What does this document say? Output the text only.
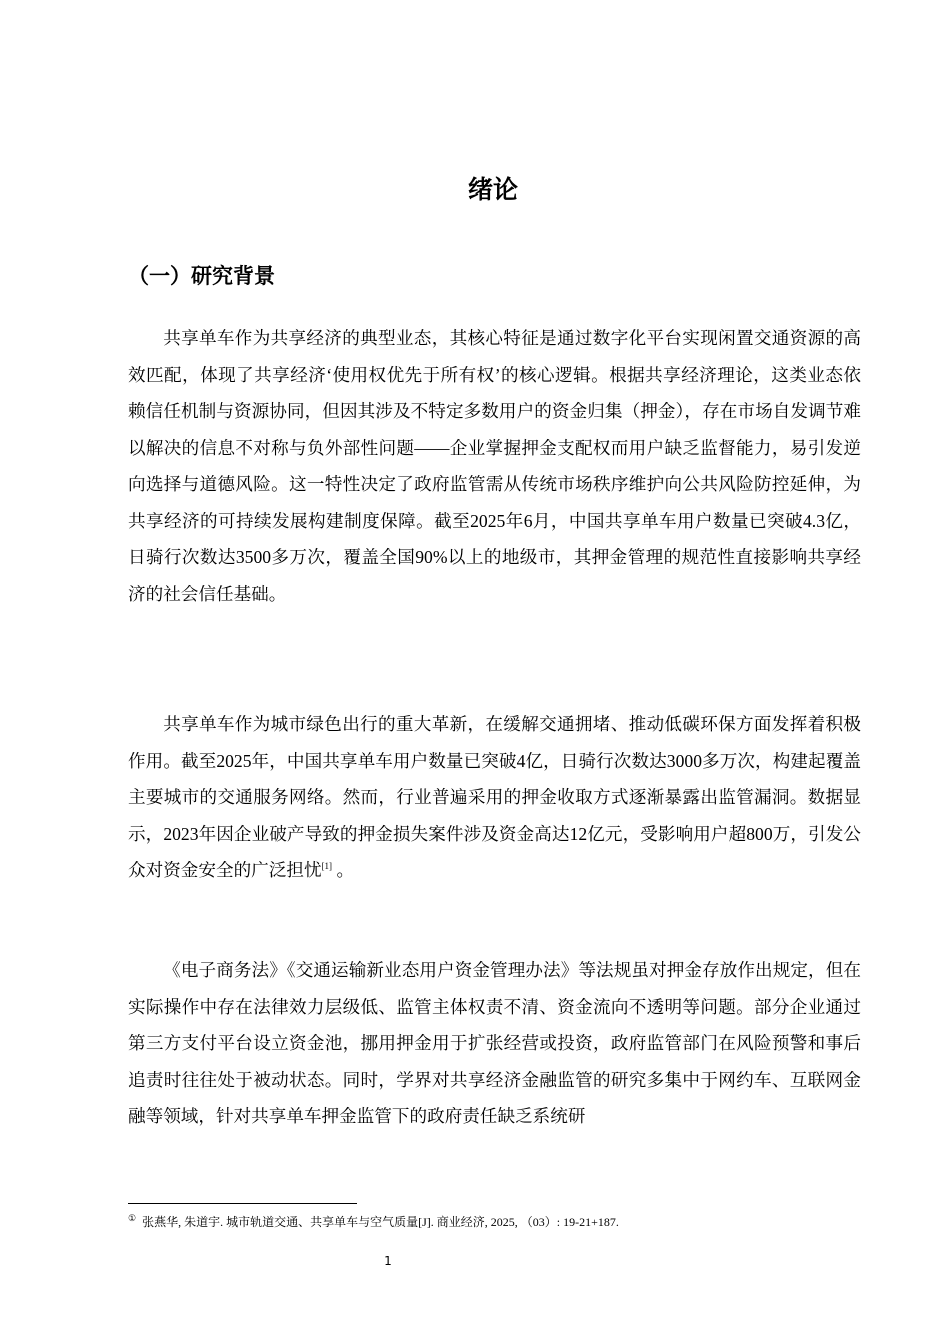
绪论
（一）研究背景

共享单车作为共享经济的典型业态，其核心特征是通过数字化平台实现闲置交通资源的高效匹配，体现了共享经济‘使用权优先于所有权’的核心逻辑。根据共享经济理论，这类业态依赖信任机制与资源协同，但因其涉及不特定多数用户的资金归集（押金），存在市场自发调节难以解决的信息不对称与负外部性问题——企业掌握押金支配权而用户缺乏监督能力，易引发逆向选择与道德风险。这一特性决定了政府监管需从传统市场秩序维护向公共风险防控延伸，为共享经济的可持续发展构建制度保障。截至2025年6月，中国共享单车用户数量已突破4.3亿，日骑行次数达3500多万次，覆盖全国90%以上的地级市，其押金管理的规范性直接影响共享经济的社会信任基础。

共享单车作为城市绿色出行的重大革新，在缓解交通拥堵、推动低碳环保方面发挥着积极作用。截至2025年，中国共享单车用户数量已突破4亿，日骑行次数达3000多万次，构建起覆盖主要城市的交通服务网络。然而，行业普遍采用的押金收取方式逐渐暴露出监管漏洞。数据显示，2023年因企业破产导致的押金损失案件涉及资金高达12亿元，受影响用户超800万，引发公众对资金安全的广泛担忧[1] 。

《电子商务法》《交通运输新业态用户资金管理办法》等法规虽对押金存放作出规定，但在实际操作中存在法律效力层级低、监管主体权责不清、资金流向不透明等问题。部分企业通过第三方支付平台设立资金池，挪用押金用于扩张经营或投资，政府监管部门在风险预警和事后追责时往往处于被动状态。同时，学界对共享经济金融监管的研究多集中于网约车、互联网金融等领域，针对共享单车押金监管下的政府责任缺乏系统研

① 张燕华, 朱道宇. 城市轨道交通、共享单车与空气质量[J]. 商业经济, 2025, （03）: 19-21+187.
1
